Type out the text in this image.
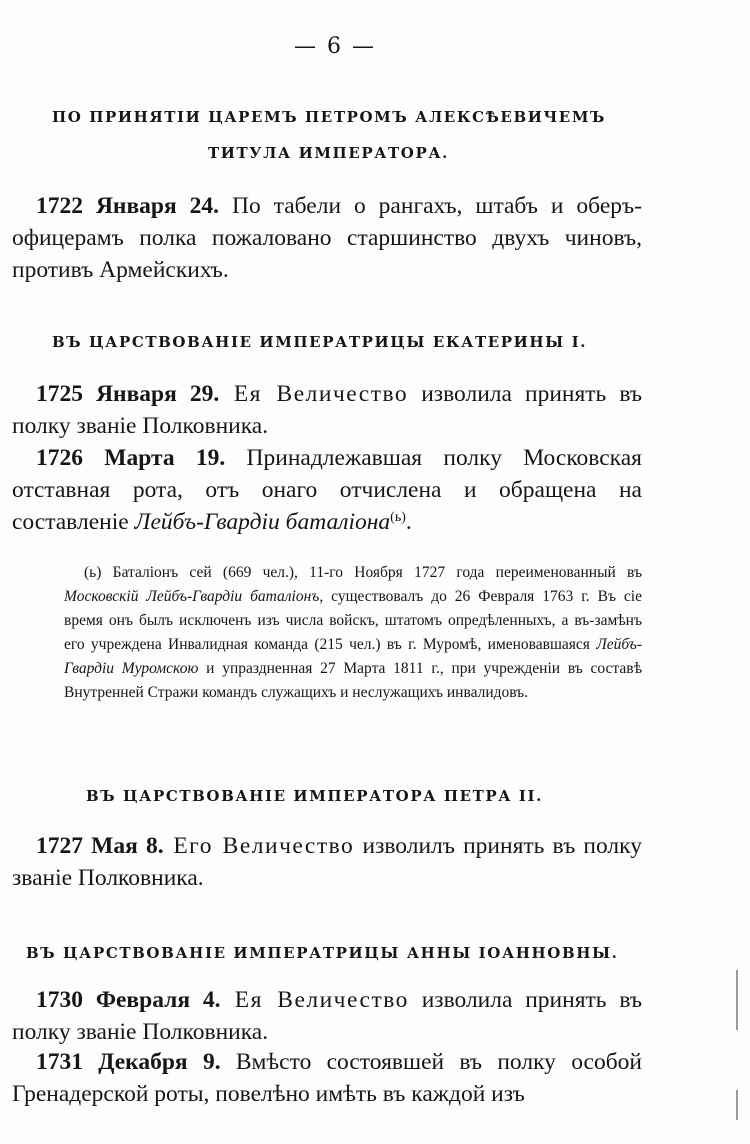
— 6 —
ПО ПРИНЯТІИ ЦАРЕМЪ ПЕТРОМЪ АЛЕКСѢЕВИЧЕМЪ
ТИТУЛА ИМПЕРАТОРА.

1722 Января 24. По табели о рангахъ, штабъ и оберъ-офицерамъ полка пожаловано старшинство двухъ чиновъ, противъ Армейскихъ.

ВЪ ЦАРСТВОВАНІЕ ИМПЕРАТРИЦЫ ЕКАТЕРИНЫ I.

1725 Января 29. Ея Величество изволила принять въ полку званіе Полковника.

1726 Марта 19. Принадлежавшая полку Московская отставная рота, отъ онаго отчислена и обращена на составленіе Лейбъ-Гвардіи баталіона$^{(ь)}$.

(ь) Баталіонъ сей (669 чел.), 11-го Ноября 1727 года переименованный въ Московскій Лейбъ-Гвардіи баталіонъ, существовалъ до 26 Февраля 1763 г. Въ сіе время онъ былъ исключенъ изъ числа войскъ, штатомъ опредѣленныхъ, а въ-замѣнъ его учреждена Инвалидная команда (215 чел.) въ г. Муромѣ, именовавшаяся Лейбъ-Гвардіи Муромскою и упраздненная 27 Марта 1811 г., при учрежденіи въ составѣ Внутренней Стражи командъ служащихъ и неслужащихъ инвалидовъ.

ВЪ ЦАРСТВОВАНІЕ ИМПЕРАТОРА ПЕТРА II.

1727 Мая 8. Его Величество изволилъ принять въ полку званіе Полковника.

ВЪ ЦАРСТВОВАНІЕ ИМПЕРАТРИЦЫ АННЫ ІОАННОВНЫ.

1730 Февраля 4. Ея Величество изволила принять въ полку званіе Полковника.

1731 Декабря 9. Вмѣсто состоявшей въ полку особой Гренадерской роты, повелѣно имѣть въ каждой изъ
